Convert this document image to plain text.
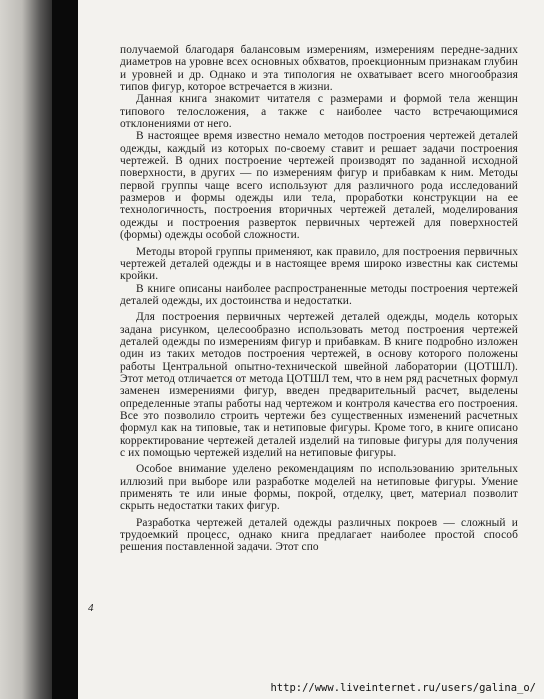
получаемой благодаря балансовым измерениям, измерениям передне-задних диаметров на уровне всех основных обхватов, проекционным признакам глубин и уровней и др. Однако и эта типология не охватывает всего многообразия типов фигур, которое встречается в жизни.

Данная книга знакомит читателя с размерами и формой тела женщин типового телосложения, а также с наиболее часто встречающимися отклонениями от него.

В настоящее время известно немало методов построения чертежей деталей одежды, каждый из которых по-своему ставит и решает задачи построения чертежей. В одних построение чертежей производят по заданной исходной поверхности, в других — по измерениям фигур и прибавкам к ним. Методы первой группы чаще всего используют для различного рода исследований размеров и формы одежды или тела, проработки конструкции на ее технологичность, построения вторичных чертежей деталей, моделирования одежды и построения разверток первичных чертежей для поверхностей (формы) одежды особой сложности.

Методы второй группы применяют, как правило, для построения первичных чертежей деталей одежды и в настоящее время широко известны как системы кройки.

В книге описаны наиболее распространенные методы построения чертежей деталей одежды, их достоинства и недостатки.

Для построения первичных чертежей деталей одежды, модель которых задана рисунком, целесообразно использовать метод построения чертежей деталей одежды по измерениям фигур и прибавкам. В книге подробно изложен один из таких методов построения чертежей, в основу которого положены работы Центральной опытно-технической швейной лаборатории (ЦОТШЛ). Этот метод отличается от метода ЦОТШЛ тем, что в нем ряд расчетных формул заменен измерениями фигур, введен предварительный расчет, выделены определенные этапы работы над чертежом и контроля качества его построения. Все это позволило строить чертежи без существенных изменений расчетных формул как на типовые, так и нетиповые фигуры. Кроме того, в книге описано корректирование чертежей деталей изделий на типовые фигуры для получения с их помощью чертежей изделий на нетиповые фигуры.

Особое внимание уделено рекомендациям по использованию зрительных иллюзий при выборе или разработке моделей на нетиповые фигуры. Умение применять те или иные формы, покрой, отделку, цвет, материал позволит скрыть недостатки таких фигур.

Разработка чертежей деталей одежды различных покроев — сложный и трудоемкий процесс, однако книга предлагает наиболее простой способ решения поставленной задачи. Этот спо

4
http://www.liveinternet.ru/users/galina_o/
